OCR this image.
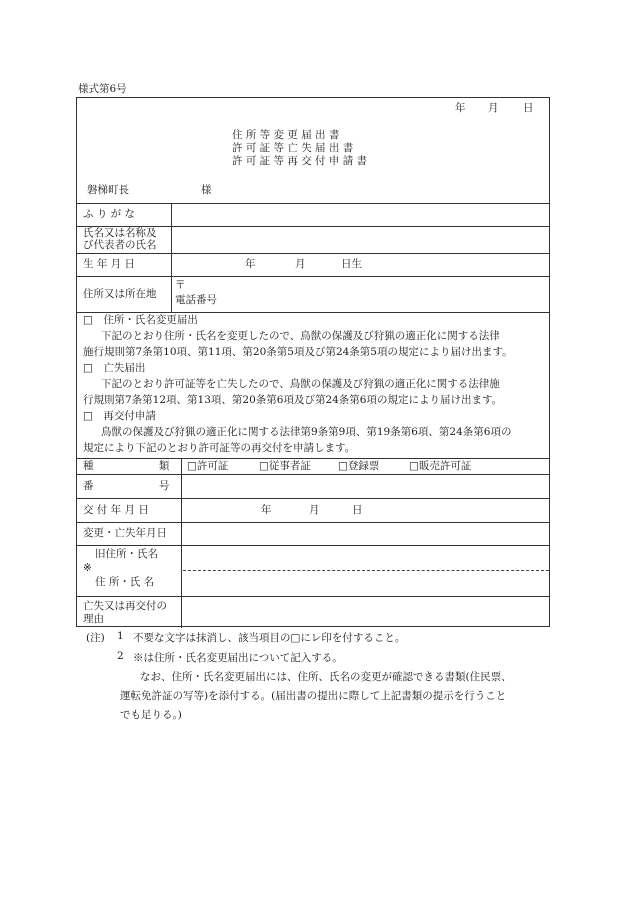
様式第6号
年 月 日
住 所 等 変 更 届 出 書
許 可 証 等 亡 失 届 出 書
許 可 証 等 再 交 付 申 請 書
磐梯町長	様
ふ り が な
氏名又は名称及
び代表者の氏名
生 年 月 日	年	月	日生
住所又は所在地
〒
電話番号
□　 住所・氏名変更届出
下記のとおり住所・氏名を変更したので、鳥獣の保護及び狩猟の適正化に関する法律
施行規則第7条第10項、第11項、第20条第5項及び第24条第5項の規定により届け出ます。
□　 亡失届出
下記のとおり許可証等を亡失したので、鳥獣の保護及び狩猟の適正化に関する法律施
行規則第7条第12項、第13項、第20条第6項及び第24条第6項の規定により届け出ます。
□　 再交付申請
鳥獣の保護及び狩猟の適正化に関する法律第9条第9項、第19条第6項、第24条第6項の
規定により下記のとおり許可証等の再交付を申請します。
種 類	□許可証	□従事者証	□登録票	□販売許可証
番 号
交 付 年 月 日	年	月	日
変更・亡失年月日
旧住所・氏名
※
住 所・氏 名
亡失又は再交付の
理由
(注) 1 不要な文字は抹消し、該当項目の□にレ印を付すること。
2 ※は住所・氏名変更届出について記入する。
なお、住所・氏名変更届出には、住所、氏名の変更が確認できる書類(住民票、
運転免許証の写等)を添付する。(届出書の提出に際して上記書類の提示を行うこと
でも足りる。)
